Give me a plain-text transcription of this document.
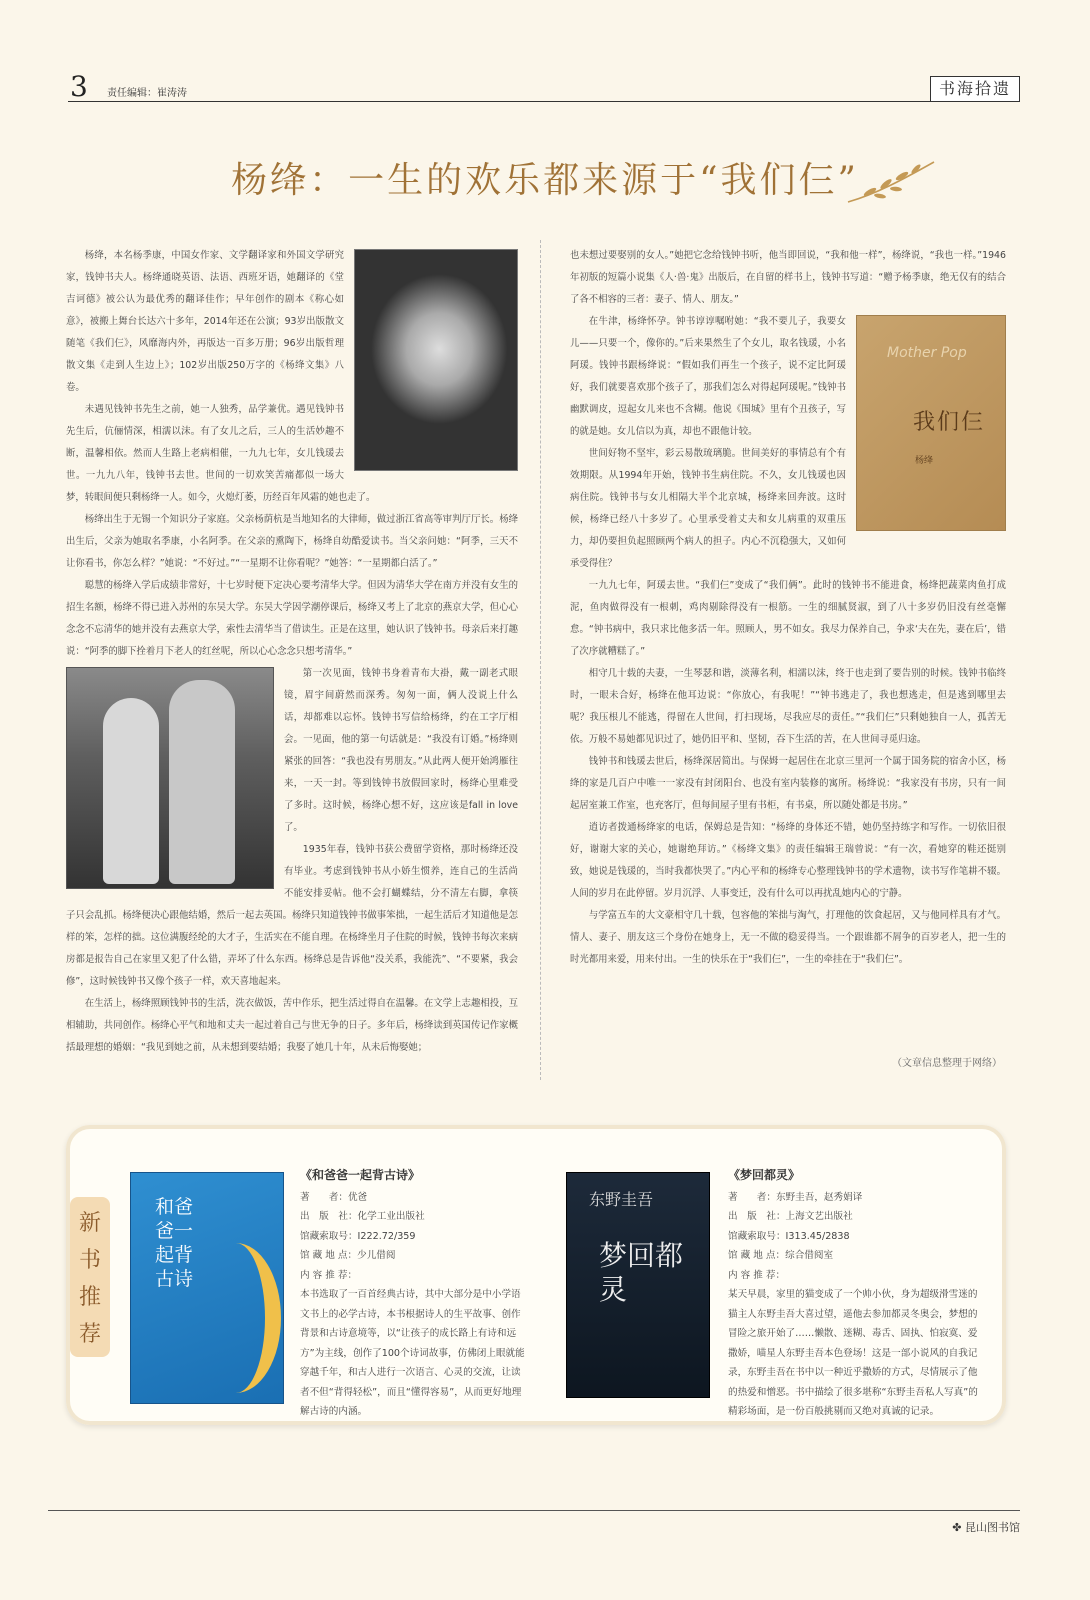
3 责任编辑：崔涛涛	书海拾遗
杨绛：一生的欢乐都来源于“我们仨”

杨绛，本名杨季康，中国女作家、文学翻译家和外国文学研究家，钱钟书夫人。杨绛通晓英语、法语、西班牙语，她翻译的《堂吉诃德》被公认为最优秀的翻译佳作；早年创作的剧本《称心如意》，被搬上舞台长达六十多年，2014年还在公演；93岁出版散文随笔《我们仨》，风靡海内外，再版达一百多万册；96岁出版哲理散文集《走到人生边上》；102岁出版250万字的《杨绛文集》八卷。

未遇见钱钟书先生之前，她一人独秀，品学兼优。遇见钱钟书先生后，伉俪情深，相濡以沫。有了女儿之后，三人的生活妙趣不断，温馨相依。然而人生路上老病相催，一九九七年，女儿钱瑗去世。一九九八年，钱钟书去世。世间的一切欢笑苦痛都似一场大梦，转眼间便只剩杨绛一人。如今，火熄灯萎，历经百年风霜的她也走了。

杨绛出生于无锡一个知识分子家庭。父亲杨荫杭是当地知名的大律师，做过浙江省高等审判厅厅长。杨绛出生后，父亲为她取名季康，小名阿季。在父亲的熏陶下，杨绛自幼酷爱读书。当父亲问她：“阿季，三天不让你看书，你怎么样？”她说：“不好过。”“一星期不让你看呢？”她答：“一星期都白活了。”

聪慧的杨绛入学后成绩非常好，十七岁时便下定决心要考清华大学。但因为清华大学在南方并没有女生的招生名额，杨绛不得已进入苏州的东吴大学。东吴大学因学潮停课后，杨绛又考上了北京的燕京大学，但心心念念不忘清华的她并没有去燕京大学，索性去清华当了借读生。正是在这里，她认识了钱钟书。母亲后来打趣说：“阿季的脚下拴着月下老人的红丝呢，所以心心念念只想考清华。”

第一次见面，钱钟书身着青布大褂，戴一副老式眼镜，眉宇间蔚然而深秀。匆匆一面，俩人没说上什么话，却都难以忘怀。钱钟书写信给杨绛，约在工字厅相会。一见面，他的第一句话就是：“我没有订婚。”杨绛则紧张的回答：“我也没有男朋友。”从此两人便开始鸿雁往来，一天一封。等到钱钟书放假回家时，杨绛心里难受了多时。这时候，杨绛心想不好，这应该是fall in love 了。

1935年春，钱钟书获公费留学资格，那时杨绛还没有毕业。考虑到钱钟书从小娇生惯养，连自己的生活尚不能安排妥帖。他不会打蝴蝶结，分不清左右脚，拿筷子只会乱抓。杨绛便决心跟他结婚，然后一起去英国。杨绛只知道钱钟书做事笨拙，一起生活后才知道他是怎样的笨，怎样的拙。这位满腹经纶的大才子，生活实在不能自理。在杨绛坐月子住院的时候，钱钟书每次来病房都是报告自己在家里又犯了什么错，弄坏了什么东西。杨绛总是告诉他“没关系，我能洗”、“不要紧，我会修”，这时候钱钟书又像个孩子一样，欢天喜地起来。

在生活上，杨绛照顾钱钟书的生活，洗衣做饭，苦中作乐，把生活过得自在温馨。在文学上志趣相投，互相辅助，共同创作。杨绛心平气和地和丈夫一起过着自己与世无争的日子。多年后，杨绛读到英国传记作家概括最理想的婚姻：“我见到她之前，从未想到要结婚；我娶了她几十年，从未后悔娶她；

也未想过要娶别的女人。”她把它念给钱钟书听，他当即回说，“我和他一样”，杨绛说，“我也一样。”1946年初版的短篇小说集《人·兽·鬼》出版后，在自留的样书上，钱钟书写道：“赠予杨季康，绝无仅有的结合了各不相容的三者：妻子、情人、朋友。”

Mother Pop
我们仨
杨绛

在牛津，杨绛怀孕。钟书谆谆嘱咐她：“我不要儿子，我要女儿——只要一个，像你的。”后来果然生了个女儿，取名钱瑗，小名阿瑗。钱钟书跟杨绛说：“假如我们再生一个孩子，说不定比阿瑗好，我们就要喜欢那个孩子了，那我们怎么对得起阿瑗呢。”钱钟书幽默调皮，逗起女儿来也不含糊。他说《围城》里有个丑孩子，写的就是她。女儿信以为真，却也不跟他计较。

世间好物不坚牢，彩云易散琉璃脆。世间美好的事情总有个有效期限。从1994年开始，钱钟书生病住院。不久，女儿钱瑗也因病住院。钱钟书与女儿相隔大半个北京城，杨绛来回奔波。这时候，杨绛已经八十多岁了。心里承受着丈夫和女儿病重的双重压力，却仍要担负起照顾两个病人的担子。内心不沉稳强大，又如何承受得住？

一九九七年，阿瑗去世。“我们仨”变成了“我们俩”。此时的钱钟书不能进食，杨绛把蔬菜肉鱼打成泥，鱼肉做得没有一根刺，鸡肉剔除得没有一根筋。一生的细腻贤淑，到了八十多岁仍旧没有丝毫懈怠。“钟书病中，我只求比他多活一年。照顾人，男不如女。我尽力保养自己，争求‘夫在先，妻在后’，错了次序就糟糕了。”

相守几十载的夫妻，一生琴瑟和谐，淡薄名利，相濡以沫，终于也走到了要告别的时候。钱钟书临终时，一眼未合好，杨绛在他耳边说：“你放心，有我呢！”“钟书逃走了，我也想逃走，但是逃到哪里去呢？我压根儿不能逃，得留在人世间，打扫现场，尽我应尽的责任。”“我们仨”只剩她独自一人，孤苦无依。万般不易她都见识过了，她仍旧平和、坚韧，吞下生活的苦，在人世间寻觅归途。

钱钟书和钱瑗去世后，杨绛深居简出。与保姆一起居住在北京三里河一个属于国务院的宿舍小区，杨绛的家是几百户中唯一一家没有封闭阳台、也没有室内装修的寓所。杨绛说：“我家没有书房，只有一间起居室兼工作室，也充客厅，但每间屋子里有书柜，有书桌，所以随处都是书房。”

逍访者拨通杨绛家的电话，保姆总是告知：“杨绛的身体还不错，她仍坚持练字和写作。一切依旧很好，谢谢大家的关心，她谢绝拜访。”《杨绛文集》的责任编辑王瑞曾说：“有一次，看她穿的鞋还挺别致，她说是钱瑗的，当时我都快哭了。”内心平和的杨绛专心整理钱钟书的学术遗物，读书写作笔耕不辍。人间的岁月在此停留。岁月沉浮、人事变迁，没有什么可以再扰乱她内心的宁静。

与学富五车的大文豪相守几十载，包容他的笨拙与淘气，打理他的饮食起居，又与他同样具有才气。情人、妻子、朋友这三个身份在她身上，无一不做的稳妥得当。一个跟谁都不屑争的百岁老人，把一生的时光都用来爱，用来付出。一生的快乐在于“我们仨”，一生的牵挂在于“我们仨”。

（文章信息整理于网络）
新
书
推
荐
和爸爸一起背古诗
《和爸爸一起背古诗》
著　　者：优爸
出　版　社：化学工业出版社
馆藏索取号：I222.72/359
馆 藏 地 点：少儿借阅
内 容 推 荐：
本书选取了一百首经典古诗，其中大部分是中小学语文书上的必学古诗，本书根据诗人的生平故事、创作背景和古诗意境等，以“让孩子的成长路上有诗和远方”为主线，创作了100个诗词故事，仿佛闭上眼就能穿越千年，和古人进行一次语言、心灵的交流，让读者不但“背得轻松”，而且“懂得容易”，从而更好地理解古诗的内涵。
东野圭吾
梦回都灵
《梦回都灵》
著　　者：东野圭吾，赵秀娟译
出　版　社：上海文艺出版社
馆藏索取号：I313.45/2838
馆 藏 地 点：综合借阅室
内 容 推 荐：
某天早晨，家里的猫变成了一个帅小伙，身为超级滑雪迷的猫主人东野圭吾大喜过望，遥他去参加都灵冬奥会，梦想的冒险之旅开始了……懒散、迷糊、毒舌、固执、怕寂寞、爱撒娇，喵星人东野圭吾本色登场！这是一部小说风的自我记录，东野圭吾在书中以一种近乎撒娇的方式，尽情展示了他的热爱和憎恶。书中描绘了很多堪称“东野圭吾私人写真”的精彩场面，是一份百般挑剔而又绝对真诚的记录。
✤ 昆山图书馆
